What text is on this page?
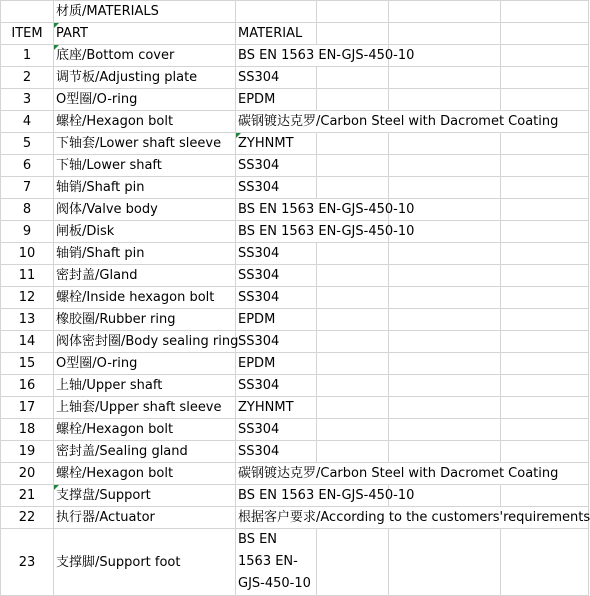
	材质/MATERIALS				
ITEM	PART	MATERIAL			
1	底座/Bottom cover	BS EN 1563 EN-GJS-450-10			
2	调节板/Adjusting plate	SS304			
3	O型圈/O-ring	EPDM			
4	螺栓/Hexagon bolt	碳钢镀达克罗/Carbon Steel with Dacromet Coating			
5	下轴套/Lower shaft sleeve	ZYHNMT			
6	下轴/Lower shaft	SS304			
7	轴销/Shaft pin	SS304			
8	阀体/Valve body	BS EN 1563 EN-GJS-450-10			
9	闸板/Disk	BS EN 1563 EN-GJS-450-10			
10	轴销/Shaft pin	SS304			
11	密封盖/Gland	SS304			
12	螺栓/Inside hexagon bolt	SS304			
13	橡胶圈/Rubber ring	EPDM			
14	阀体密封圈/Body sealing ring	SS304			
15	O型圈/O-ring	EPDM			
16	上轴/Upper shaft	SS304			
17	上轴套/Upper shaft sleeve	ZYHNMT			
18	螺栓/Hexagon bolt	SS304			
19	密封盖/Sealing gland	SS304			
20	螺栓/Hexagon bolt	碳钢镀达克罗/Carbon Steel with Dacromet Coating			
21	支撑盘/Support	BS EN 1563 EN-GJS-450-10			
22	执行器/Actuator	根据客户要求/According to the customers'requirements			
23	支撑脚/Support foot	BS EN 1563 EN-GJS-450-10			
